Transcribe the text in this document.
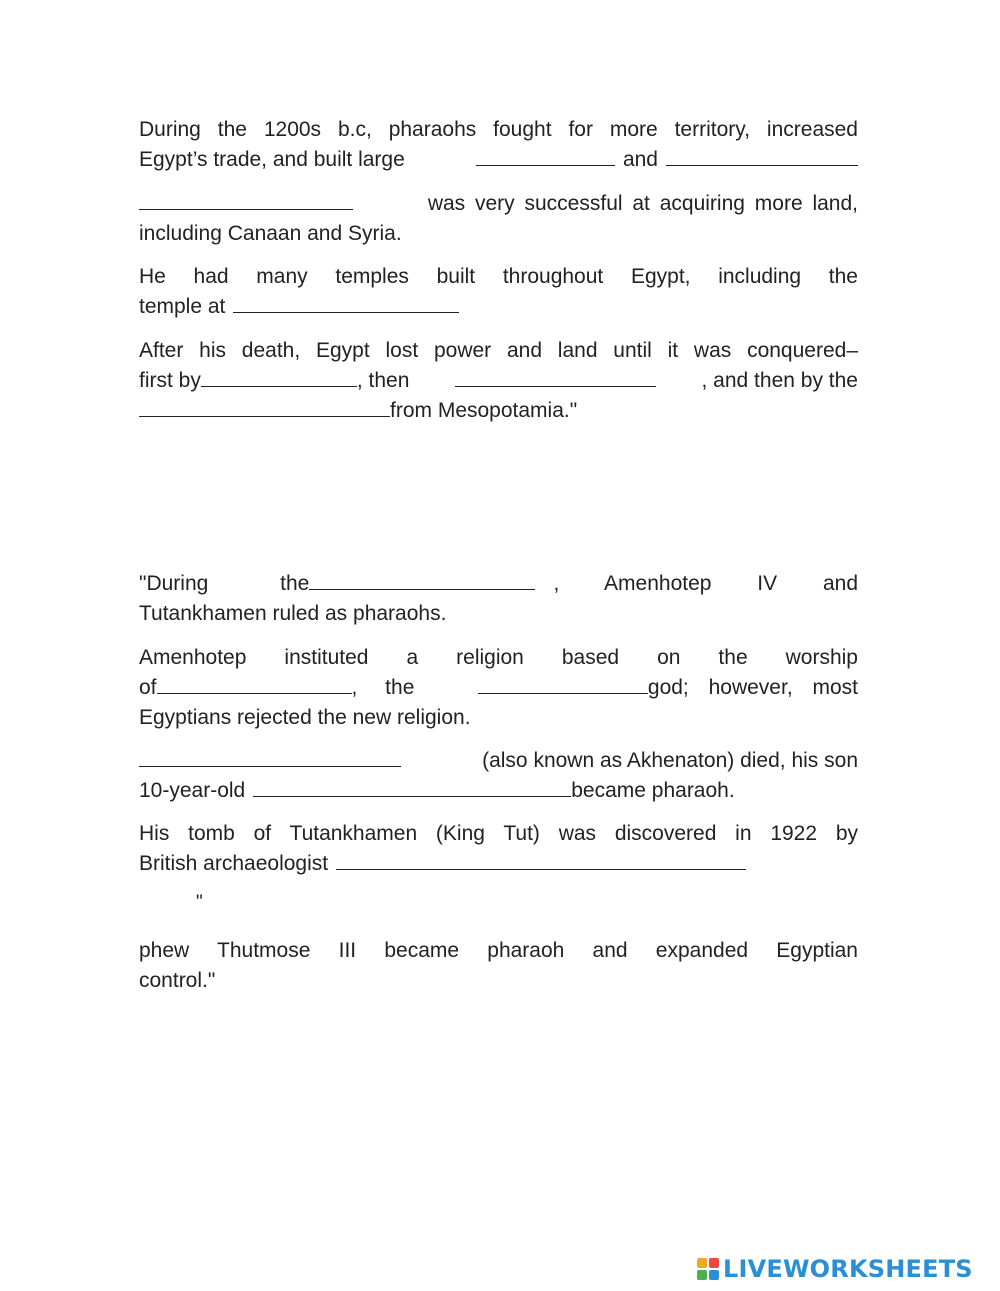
During the 1200s b.c, pharaohs fought for more territory, increased
Egypt’s trade, and built large	and
was very successful at acquiring more land,
including Canaan and Syria.
He had many temples built throughout Egypt, including the
temple at
After his death, Egypt lost power and land until it was conquered–
first by	, then	, and then by the
from Mesopotamia."
"During the	, Amenhotep IV and
Tutankhamen ruled as pharaohs.
Amenhotep instituted a religion based on the worship
of	, the	god; however, most
Egyptians rejected the new religion.
(also known as Akhenaton) died, his son
10-year-old	became pharaoh.
His tomb of Tutankhamen (King Tut) was discovered in 1922 by
British archaeologist
"
phew Thutmose III became pharaoh and expanded Egyptian
control."
LIVEWORKSHEETS
